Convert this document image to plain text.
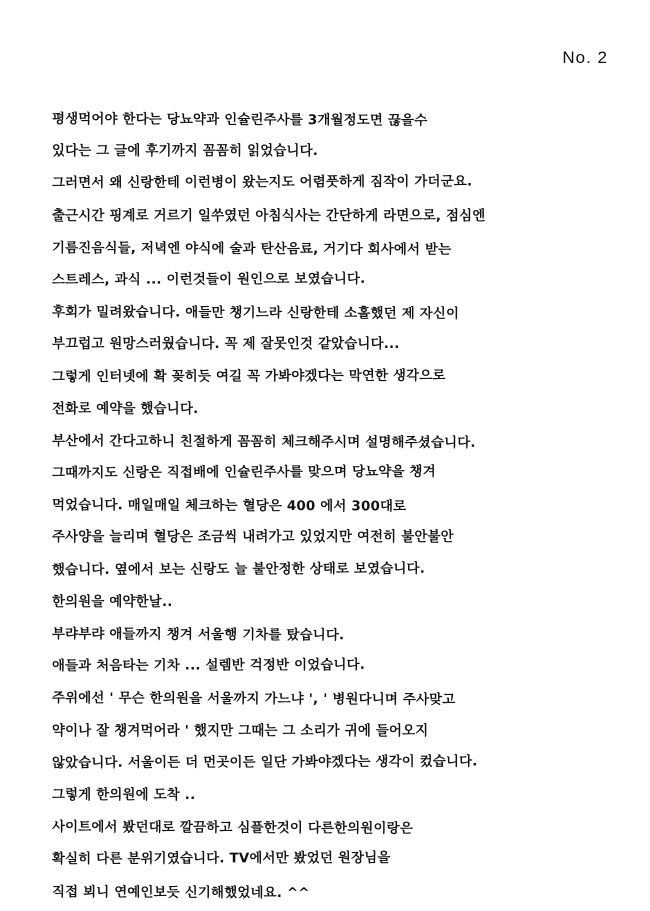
No. 2
평생먹어야 한다는 당뇨약과 인슐린주사를 3개월정도면 끊을수
있다는 그 글에 후기까지 꼼꼼히 읽었습니다.
그러면서 왜 신랑한테 이런병이 왔는지도 어렴풋하게 짐작이 가더군요.
출근시간 핑계로 거르기 일쑤였던 아침식사는 간단하게 라면으로, 점심엔
기름진음식들, 저녁엔 야식에 술과 탄산음료, 거기다 회사에서 받는
스트레스, 과식 ... 이런것들이 원인으로 보였습니다.
후회가 밀려왔습니다. 애들만 챙기느라 신랑한테 소홀했던 제 자신이
부끄럽고 원망스러웠습니다. 꼭 제 잘못인것 같았습니다...
그렇게 인터넷에 확 꽂히듯 여길 꼭 가봐야겠다는 막연한 생각으로
전화로 예약을 했습니다.
부산에서 간다고하니 친절하게 꼼꼼히 체크해주시며 설명해주셨습니다.
그때까지도 신랑은 직접배에 인슐린주사를 맞으며 당뇨약을 챙겨
먹었습니다. 매일매일 체크하는 혈당은 400 에서 300대로
주사양을 늘리며 혈당은 조금씩 내려가고 있었지만 여전히 불안불안
했습니다. 옆에서 보는 신랑도 늘 불안정한 상태로 보였습니다.
한의원을 예약한날..
부랴부랴 애들까지 챙겨 서울행 기차를 탔습니다.
애들과 처음타는 기차 ... 설렘반 걱정반 이었습니다.
주위에선 ' 무슨 한의원을 서울까지 가느냐 ', ' 병원다니며 주사맞고
약이나 잘 챙겨먹어라 ' 했지만 그때는 그 소리가 귀에 들어오지
않았습니다. 서울이든 더 먼곳이든 일단 가봐야겠다는 생각이 컸습니다.
그렇게 한의원에 도착 ..
사이트에서 봤던대로 깔끔하고 심플한것이 다른한의원이랑은
확실히 다른 분위기였습니다. TV에서만 봤었던 원장님을
직접 뵈니 연예인보듯 신기해했었네요. ^^
